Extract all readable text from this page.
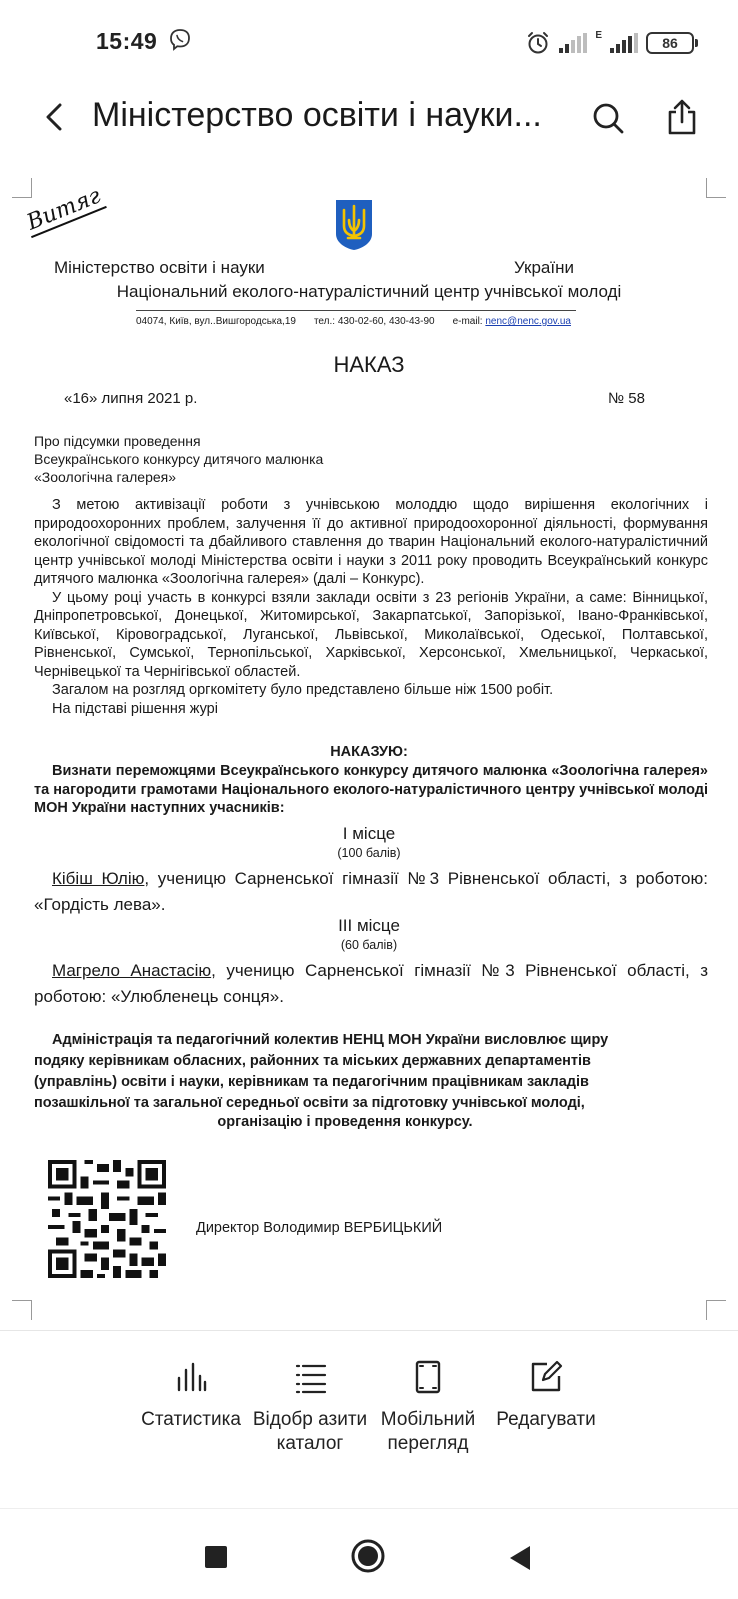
15:49	E	86
Міністерство освіти і науки...
Витяг
Міністерство освіти і науки	України
Національний еколого-натуралістичний центр учнівської молоді
04074, Київ, вул..Вишгородська,19 тел.: 430-02-60, 430-43-90 e-mail: nenc@nenc.gov.ua
НАКАЗ
«16» липня 2021 р.	№ 58
Про підсумки проведення
Всеукраїнського конкурсу дитячого малюнка
«Зоологічна галерея»

З метою активізації роботи з учнівською молоддю щодо вирішення екологічних і природоохоронних проблем, залучення її до активної природоохоронної діяльності, формування екологічної свідомості та дбайливого ставлення до тварин Національний еколого-натуралістичний центр учнівської молоді Міністерства освіти і науки з 2011 року проводить Всеукраїнський конкурс дитячого малюнка «Зоологічна галерея» (далі – Конкурс).

У цьому році участь в конкурсі взяли заклади освіти з 23 регіонів України, а саме: Вінницької, Дніпропетровської, Донецької, Житомирської, Закарпатської, Запорізької, Івано-Франківської, Київської, Кіровоградської, Луганської, Львівської, Миколаївської, Одеської, Полтавської, Рівненської, Сумської, Тернопільської, Харківської, Херсонської, Хмельницької, Черкаської, Чернівецької та Чернігівської областей.

Загалом на розгляд оргкомітету було представлено більше ніж 1500 робіт.

На підставі рішення журі

НАКАЗУЮ:
Визнати переможцями Всеукраїнського конкурсу дитячого малюнка «Зоологічна галерея» та нагородити грамотами Національного еколого-натуралістичного центру учнівської молоді МОН України наступних учасників:
І місце
(100 балів)
Кібіш Юлію, ученицю Сарненської гімназії №3 Рівненської області, з роботою: «Гордість лева».
ІІІ місце
(60 балів)
Магрело Анастасію, ученицю Сарненської гімназії №3 Рівненської області, з роботою: «Улюбленець сонця».
Адміністрація та педагогічний колектив НЕНЦ МОН України висловлює щиру подяку керівникам обласних, районних та міських державних департаментів (управлінь) освіти і науки, керівникам та педагогічним працівникам закладів позашкільної та загальної середньої освіти за підготовку учнівської молоді,
організацію і проведення конкурсу.
Директор Володимир ВЕРБИЦЬКИЙ
Статистика Відобр азити каталог
Мобільний перегляд
Редагувати
